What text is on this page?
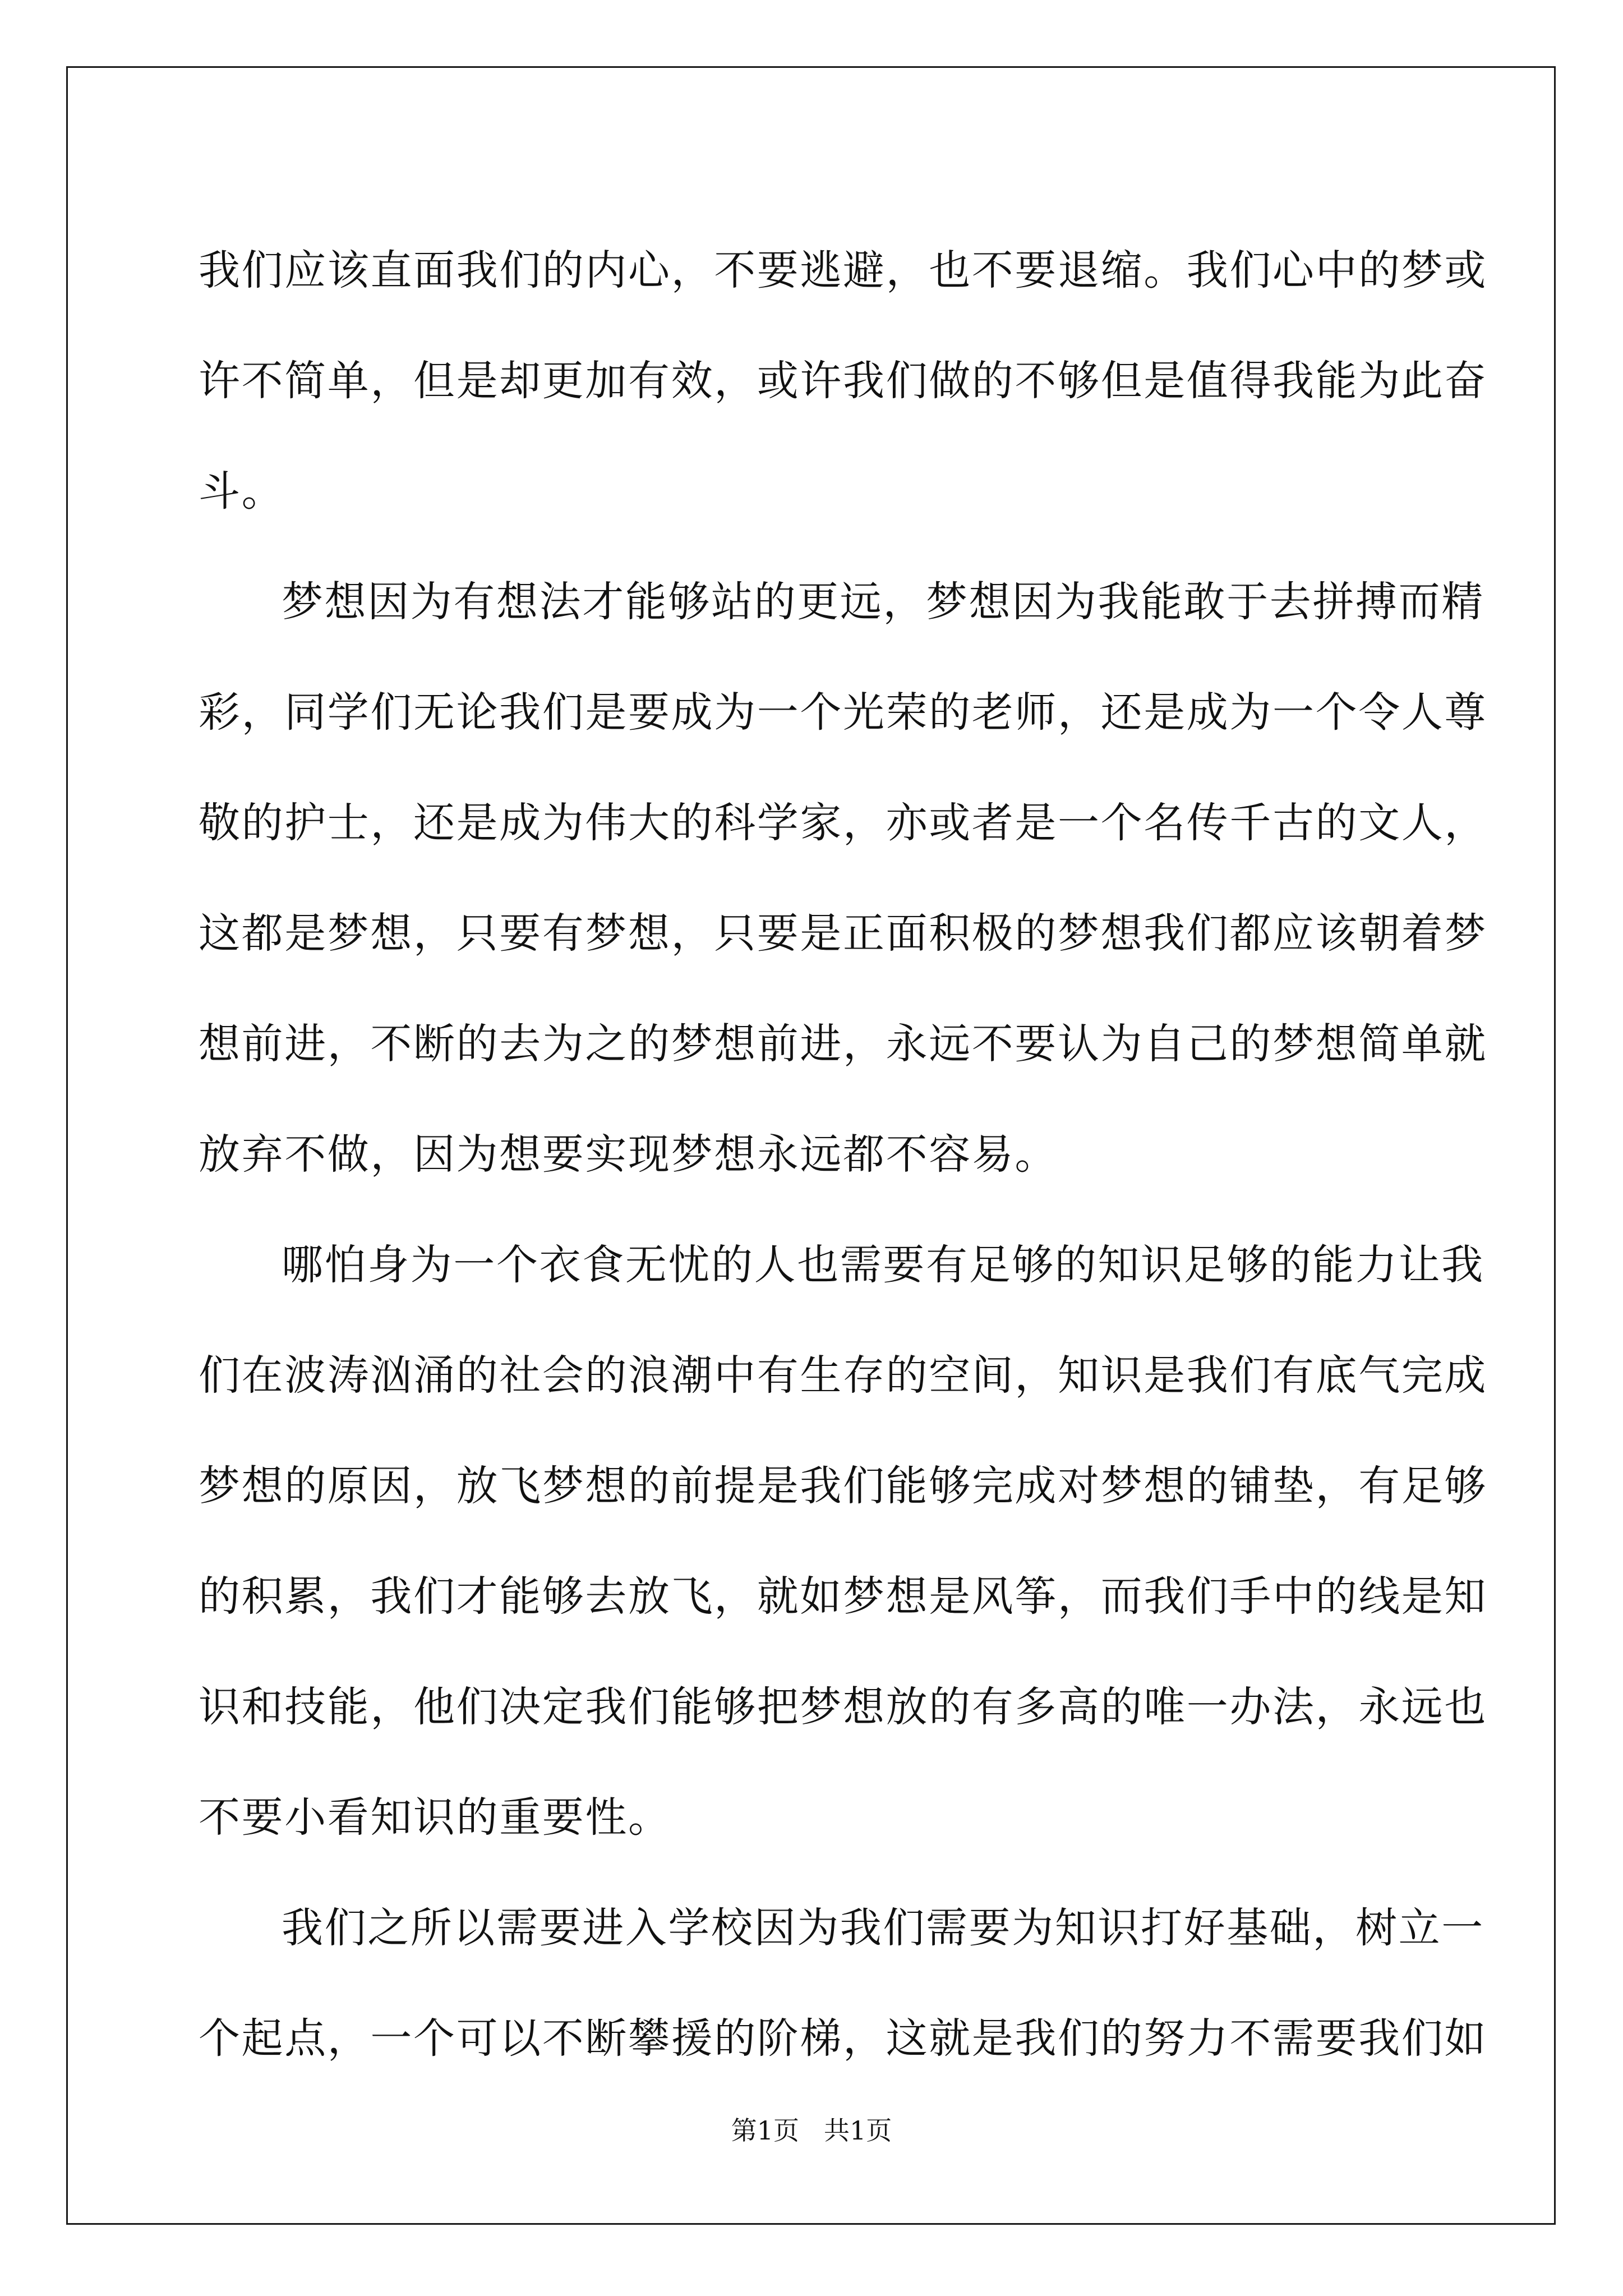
我们应该直面我们的内心，不要逃避，也不要退缩。我们心中的梦或
许不简单，但是却更加有效，或许我们做的不够但是值得我能为此奋
斗。

梦想因为有想法才能够站的更远，梦想因为我能敢于去拼搏而精
彩，同学们无论我们是要成为一个光荣的老师，还是成为一个令人尊
敬的护士，还是成为伟大的科学家，亦或者是一个名传千古的文人，
这都是梦想，只要有梦想，只要是正面积极的梦想我们都应该朝着梦
想前进，不断的去为之的梦想前进，永远不要认为自己的梦想简单就
放弃不做，因为想要实现梦想永远都不容易。

哪怕身为一个衣食无忧的人也需要有足够的知识足够的能力让我
们在波涛汹涌的社会的浪潮中有生存的空间，知识是我们有底气完成
梦想的原因，放飞梦想的前提是我们能够完成对梦想的铺垫，有足够
的积累，我们才能够去放飞，就如梦想是风筝，而我们手中的线是知
识和技能，他们决定我们能够把梦想放的有多高的唯一办法，永远也
不要小看知识的重要性。

我们之所以需要进入学校因为我们需要为知识打好基础，树立一
个起点，一个可以不断攀援的阶梯，这就是我们的努力不需要我们如

第1页 共1页
